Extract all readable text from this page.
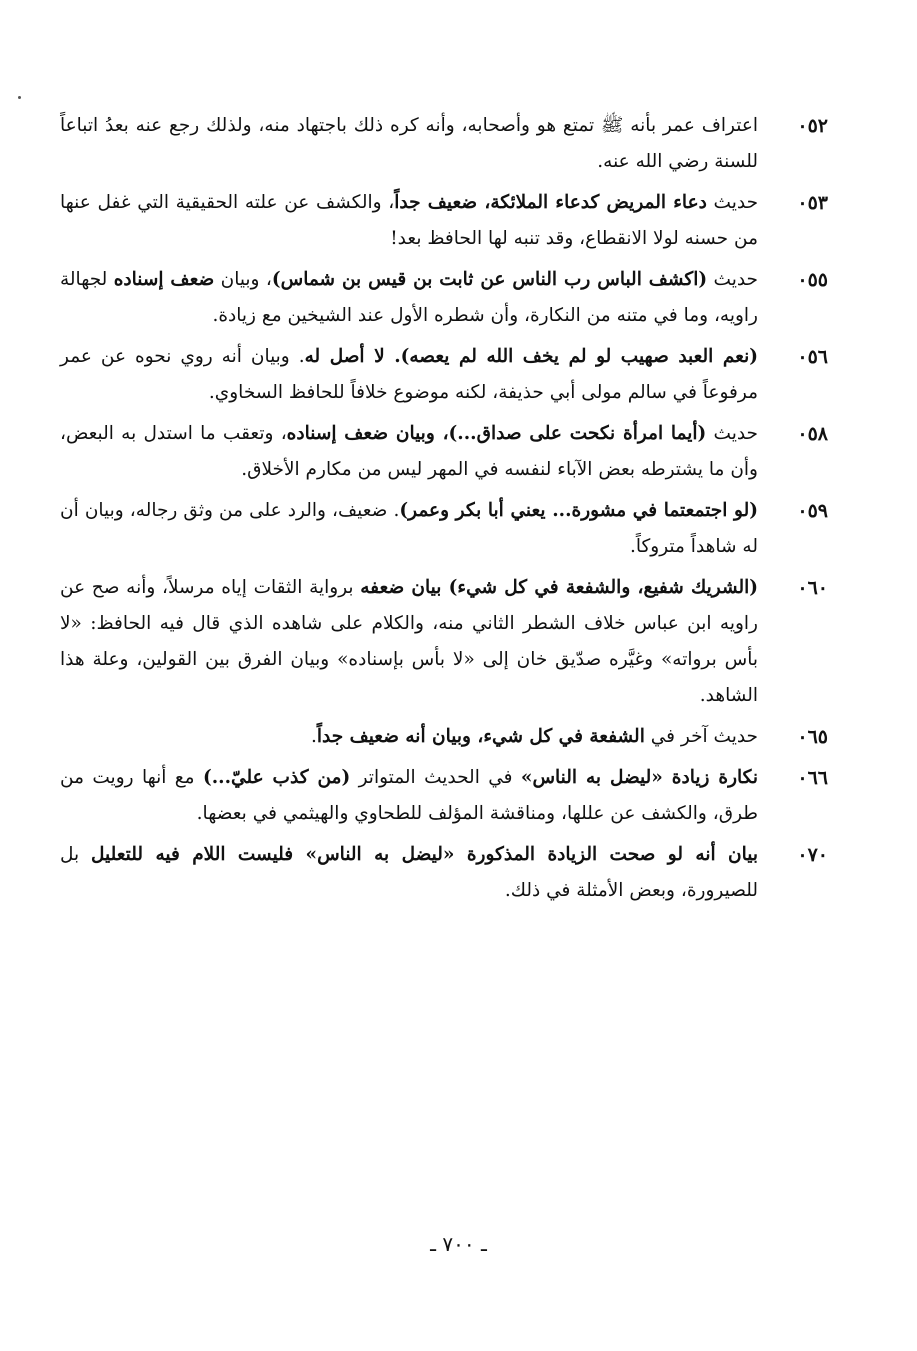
٠٥٢
اعتراف عمر بأنه ﷺ تمتع هو وأصحابه، وأنه كره ذلك باجتهاد منه، ولذلك رجع عنه بعدُ اتباعاً للسنة رضي الله عنه.
٠٥٣
حديث دعاء المريض كدعاء الملائكة، ضعيف جداً، والكشف عن علته الحقيقية التي غفل عنها من حسنه لولا الانقطاع، وقد تنبه لها الحافظ بعد!
٠٥٥
حديث (اكشف الباس رب الناس عن ثابت بن قيس بن شماس)، وبيان ضعف إسناده لجهالة راويه، وما في متنه من النكارة، وأن شطره الأول عند الشيخين مع زيادة.
٠٥٦
(نعم العبد صهيب لو لم يخف الله لم يعصه). لا أصل له. وبيان أنه روي نحوه عن عمر مرفوعاً في سالم مولى أبي حذيفة، لكنه موضوع خلافاً للحافظ السخاوي.
٠٥٨
حديث (أيما امرأة نكحت على صداق...)، وبيان ضعف إسناده، وتعقب ما استدل به البعض، وأن ما يشترطه بعض الآباء لنفسه في المهر ليس من مكارم الأخلاق.
٠٥٩
(لو اجتمعتما في مشورة... يعني أبا بكر وعمر). ضعيف، والرد على من وثق رجاله، وبيان أن له شاهداً متروكاً.
٠٦٠
(الشريك شفيع، والشفعة في كل شيء) بيان ضعفه برواية الثقات إياه مرسلاً، وأنه صح عن راويه ابن عباس خلاف الشطر الثاني منه، والكلام على شاهده الذي قال فيه الحافظ: «لا بأس برواته» وغيَّره صدّيق خان إلى «لا بأس بإسناده» وبيان الفرق بين القولين، وعلة هذا الشاهد.
٠٦٥
حديث آخر في الشفعة في كل شيء، وبيان أنه ضعيف جداً.
٠٦٦
نكارة زيادة «ليضل به الناس» في الحديث المتواتر (من كذب عليّ...) مع أنها رويت من طرق، والكشف عن عللها، ومناقشة المؤلف للطحاوي والهيثمي في بعضها.
٠٧٠
بيان أنه لو صحت الزيادة المذكورة «ليضل به الناس» فليست اللام فيه للتعليل بل للصيرورة، وبعض الأمثلة في ذلك.
ـ ٧٠٠ ـ
